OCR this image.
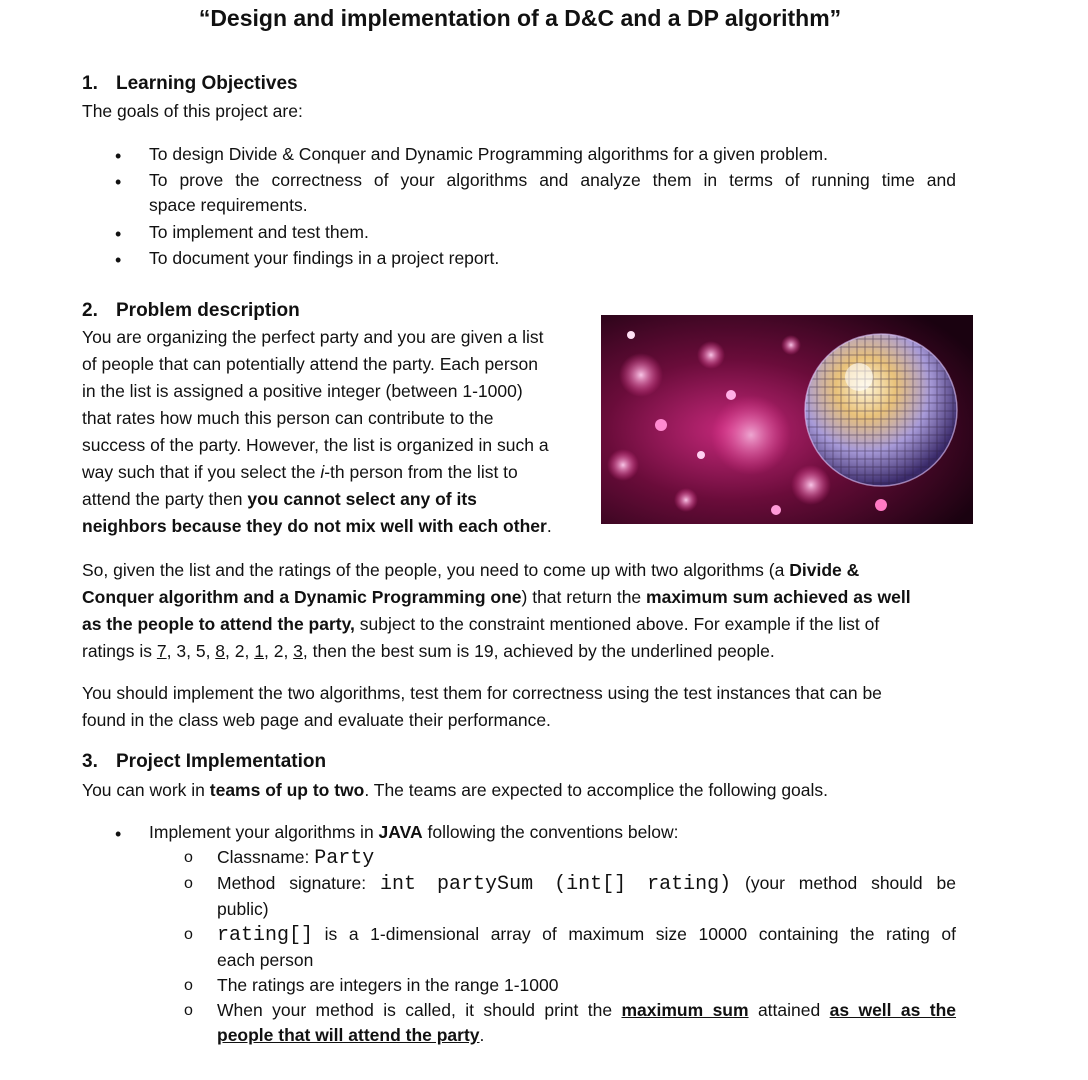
“Design and implementation of a D&C and a DP algorithm”
1. Learning Objectives
The goals of this project are:
• To design Divide & Conquer and Dynamic Programming algorithms for a given problem.
• To prove the correctness of your algorithms and analyze them in terms of running time and
space requirements.
• To implement and test them.
• To document your findings in a project report.
2. Problem description
You are organizing the perfect party and you are given a list
of people that can potentially attend the party. Each person
in the list is assigned a positive integer (between 1-1000)
that rates how much this person can contribute to the
success of the party. However, the list is organized in such a
way such that if you select the i-th person from the list to
attend the party then you cannot select any of its
neighbors because they do not mix well with each other.
So, given the list and the ratings of the people, you need to come up with two algorithms (a Divide &
Conquer algorithm and a Dynamic Programming one) that return the maximum sum achieved as well
as the people to attend the party, subject to the constraint mentioned above. For example if the list of
ratings is 7, 3, 5, 8, 2, 1, 2, 3, then the best sum is 19, achieved by the underlined people.
You should implement the two algorithms, test them for correctness using the test instances that can be
found in the class web page and evaluate their performance.
3. Project Implementation
You can work in teams of up to two. The teams are expected to accomplice the following goals.
• Implement your algorithms in JAVA following the conventions below:
o Classname: Party
o Method signature: int partySum (int[] rating) (your method should be
public)
o rating[] is a 1-dimensional array of maximum size 10000 containing the rating of
each person
o The ratings are integers in the range 1-1000
o When your method is called, it should print the maximum sum attained as well as the
people that will attend the party.
